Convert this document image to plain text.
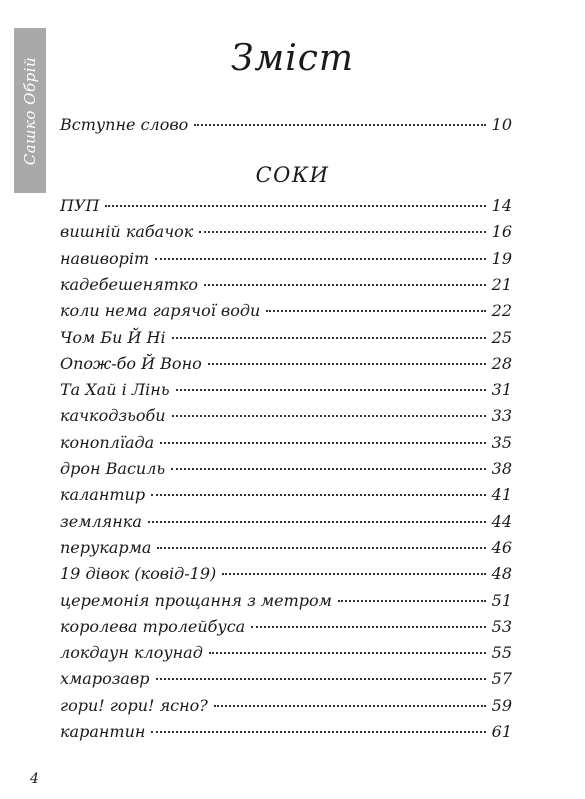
Сашко Обрій	Зміст
Вступне слово	10
СОКИ
ПУП	14
вишній кабачок	16
навиворіт	19
кадебешенятко	21
коли нема гарячої води	22
Чом Би Й Ні	25
Опож-бо Й Воно	28
Та Хай і Лінь	31
качкодзьоби	33
коноплїада	35
дрон Василь	38
калантир	41
землянка	44
перукарма	46
19 дівок (ковід-19)	48
церемонія прощання з метром	51
королева тролейбуса	53
локдаун клоунад	55
хмарозавр	57
гори! гори! ясно?	59
карантин	61
4
